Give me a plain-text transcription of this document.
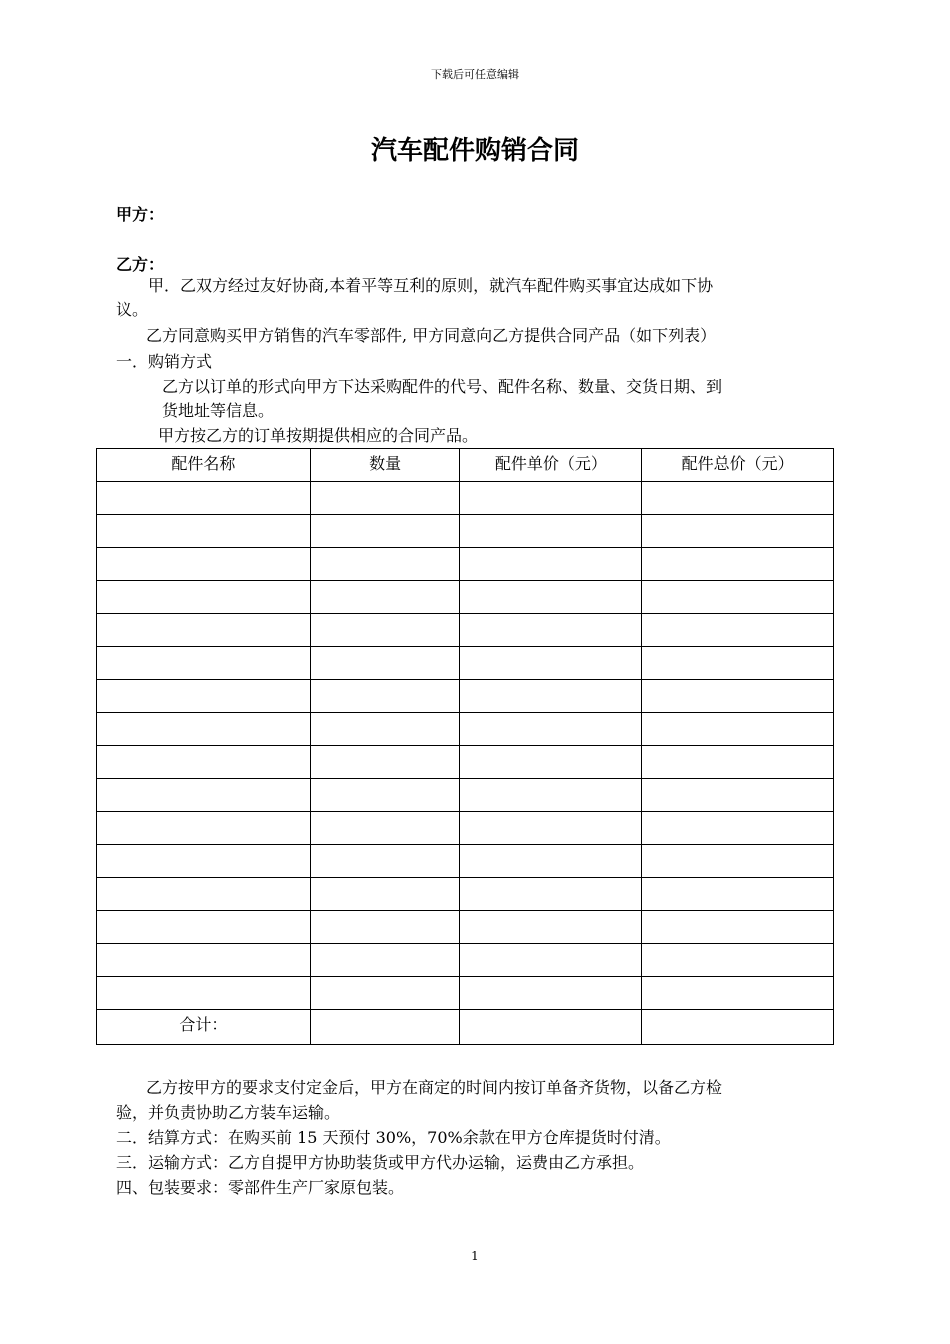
下载后可任意编辑
汽车配件购销合同
甲方：
乙方：
甲．乙双方经过友好协商,本着平等互利的原则，就汽车配件购买事宜达成如下协
议。
乙方同意购买甲方销售的汽车零部件, 甲方同意向乙方提供合同产品（如下列表）
一．购销方式
乙方以订单的形式向甲方下达采购配件的代号、配件名称、数量、交货日期、到
货地址等信息。
甲方按乙方的订单按期提供相应的合同产品。
配件名称	数量	配件单价（元）	配件总价（元）

合计：			
乙方按甲方的要求支付定金后，甲方在商定的时间内按订单备齐货物，以备乙方检
验，并负责协助乙方装车运输。
二．结算方式：在购买前 15 天预付 30%，70%余款在甲方仓库提货时付清。
三．运输方式：乙方自提甲方协助装货或甲方代办运输，运费由乙方承担。
四、包装要求：零部件生产厂家原包装。
1
